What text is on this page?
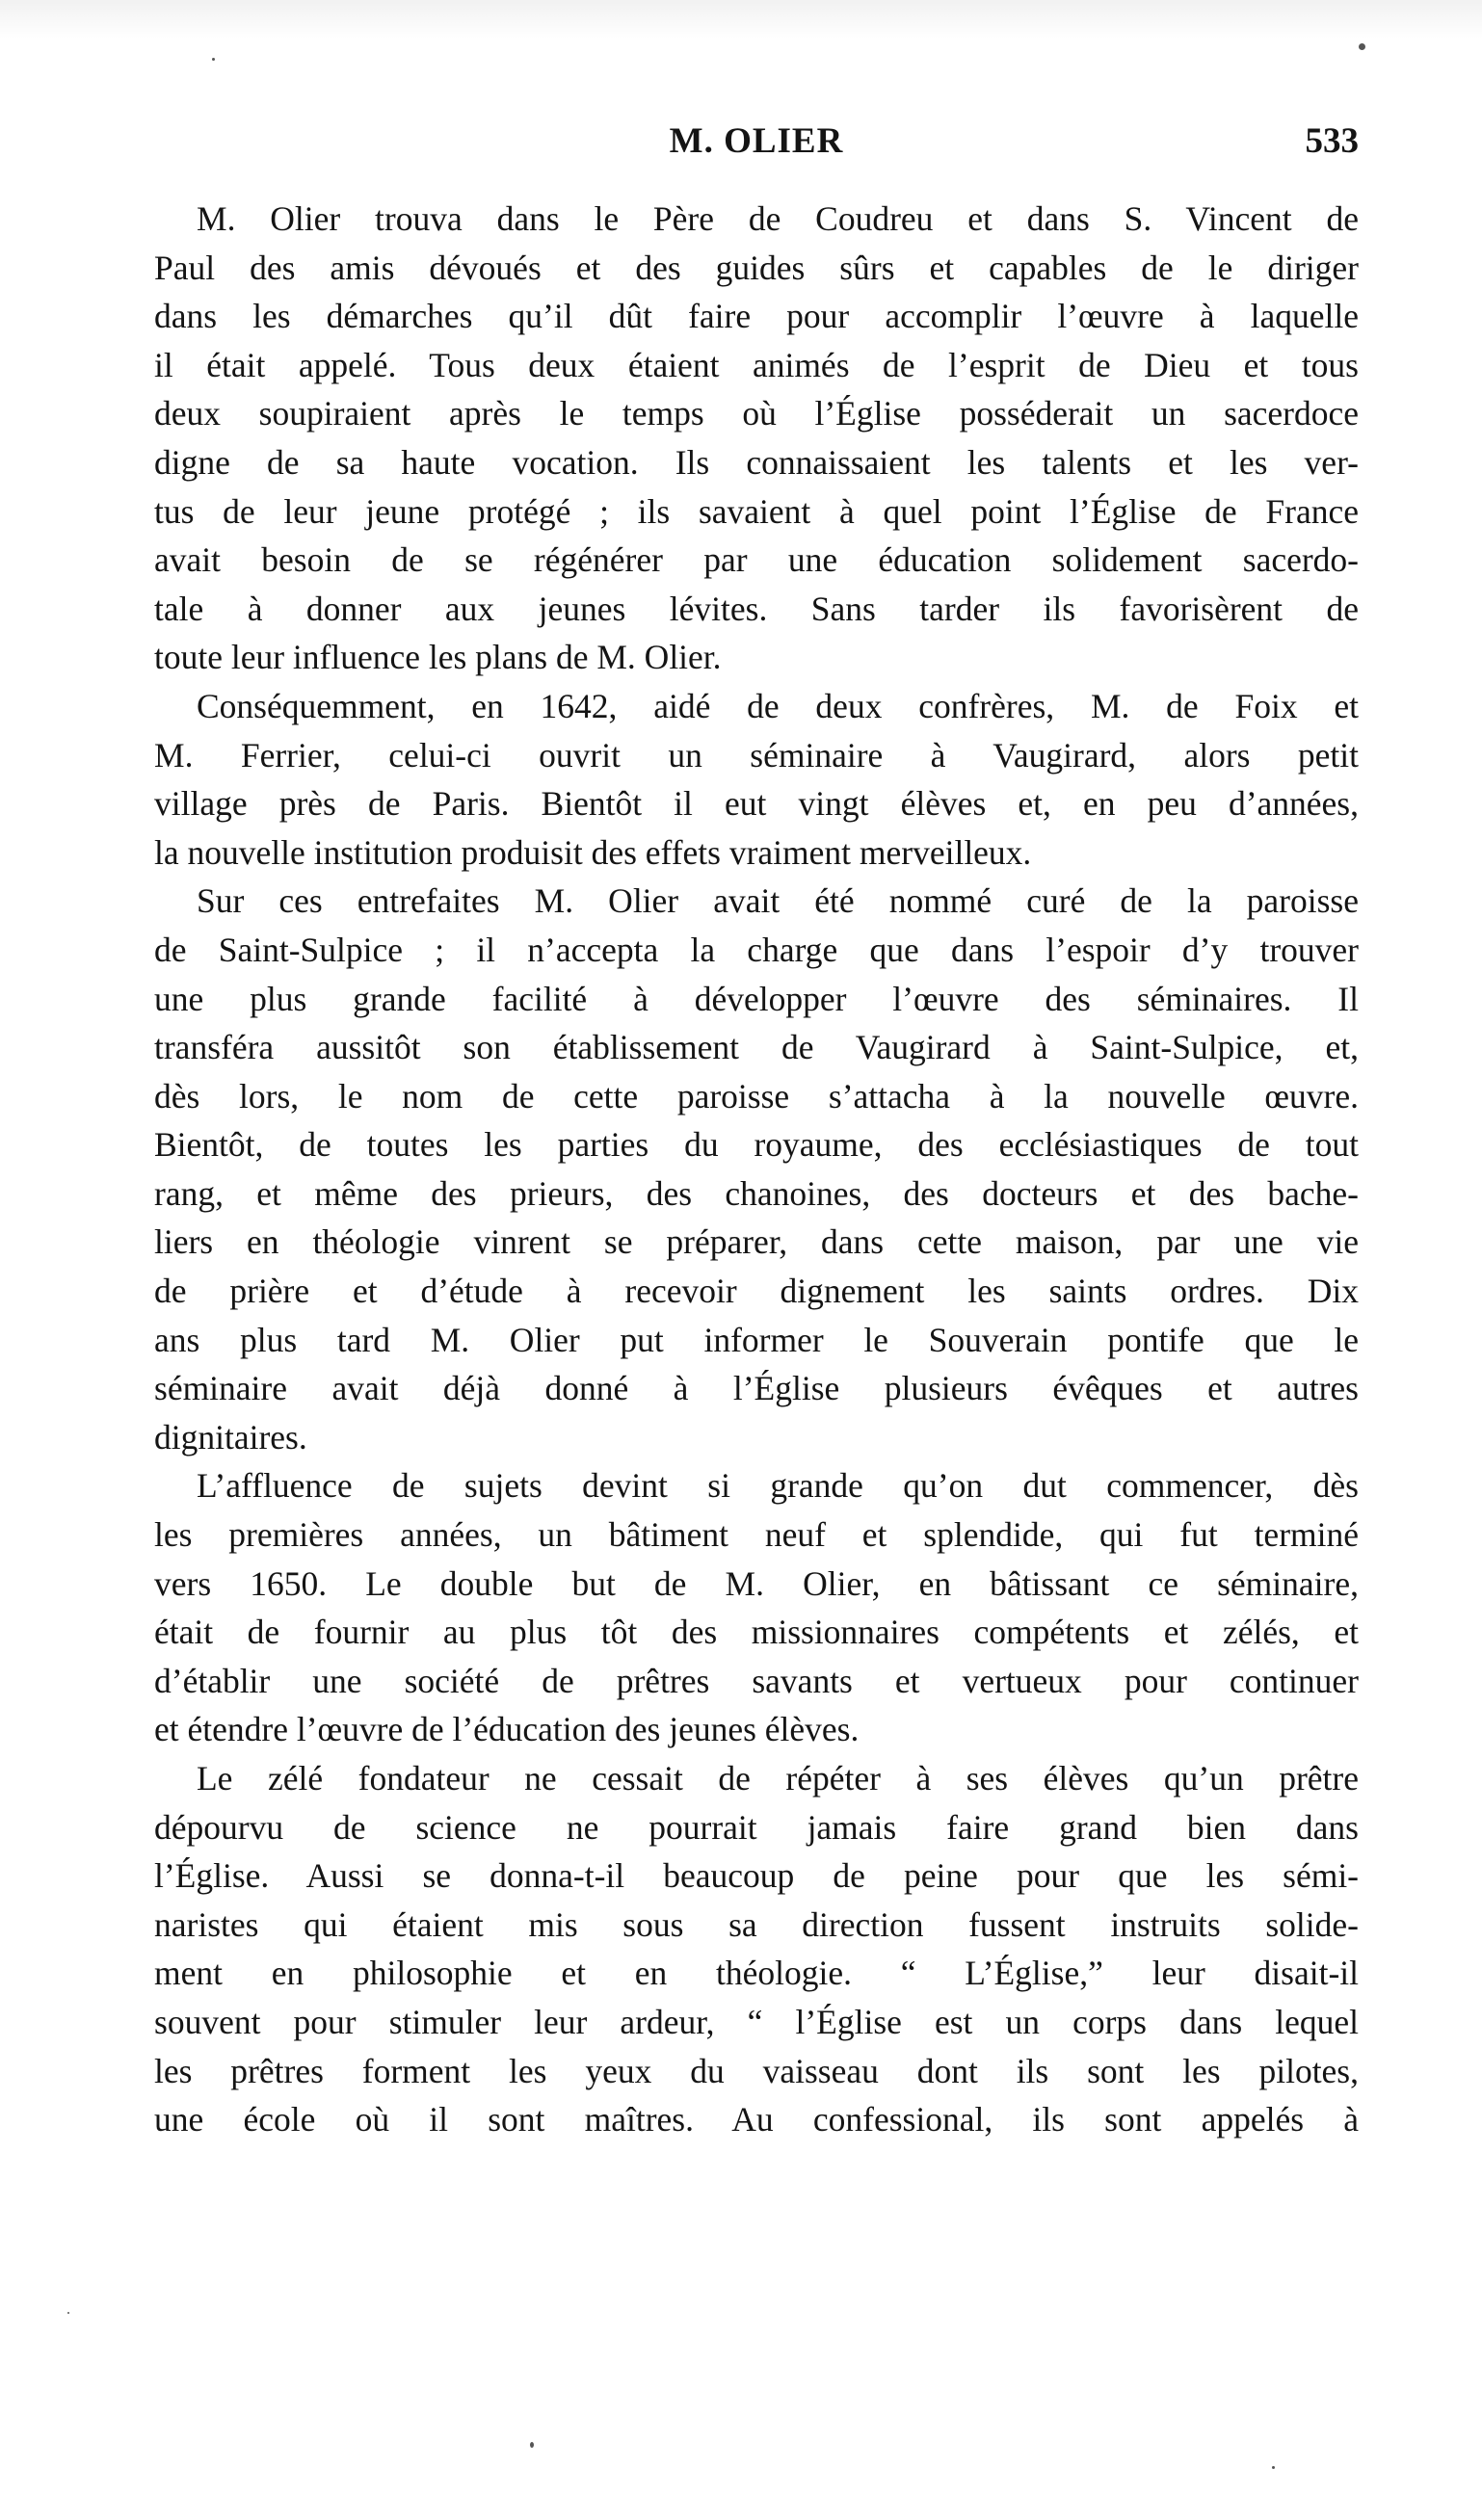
M. OLIER	533
M. Olier trouva dans le Père de Coudreu et dans S. Vincent de
Paul des amis dévoués et des guides sûrs et capables de le diriger
dans les démarches qu’il dût faire pour accomplir l’œuvre à laquelle
il était appelé. Tous deux étaient animés de l’esprit de Dieu et tous
deux soupiraient après le temps où l’Église posséderait un sacerdoce
digne de sa haute vocation. Ils connaissaient les talents et les ver-
tus de leur jeune protégé ; ils savaient à quel point l’Église de France
avait besoin de se régénérer par une éducation solidement sacerdo-
tale à donner aux jeunes lévites. Sans tarder ils favorisèrent de
toute leur influence les plans de M. Olier.
Conséquemment, en 1642, aidé de deux confrères, M. de Foix et
M. Ferrier, celui-ci ouvrit un séminaire à Vaugirard, alors petit
village près de Paris. Bientôt il eut vingt élèves et, en peu d’années,
la nouvelle institution produisit des effets vraiment merveilleux.
Sur ces entrefaites M. Olier avait été nommé curé de la paroisse
de Saint-Sulpice ; il n’accepta la charge que dans l’espoir d’y trouver
une plus grande facilité à développer l’œuvre des séminaires. Il
transféra aussitôt son établissement de Vaugirard à Saint-Sulpice, et,
dès lors, le nom de cette paroisse s’attacha à la nouvelle œuvre.
Bientôt, de toutes les parties du royaume, des ecclésiastiques de tout
rang, et même des prieurs, des chanoines, des docteurs et des bache-
liers en théologie vinrent se préparer, dans cette maison, par une vie
de prière et d’étude à recevoir dignement les saints ordres. Dix
ans plus tard M. Olier put informer le Souverain pontife que le
séminaire avait déjà donné à l’Église plusieurs évêques et autres
dignitaires.
L’affluence de sujets devint si grande qu’on dut commencer, dès
les premières années, un bâtiment neuf et splendide, qui fut terminé
vers 1650. Le double but de M. Olier, en bâtissant ce séminaire,
était de fournir au plus tôt des missionnaires compétents et zélés, et
d’établir une société de prêtres savants et vertueux pour continuer
et étendre l’œuvre de l’éducation des jeunes élèves.
Le zélé fondateur ne cessait de répéter à ses élèves qu’un prêtre
dépourvu de science ne pourrait jamais faire grand bien dans
l’Église. Aussi se donna-t-il beaucoup de peine pour que les sémi-
naristes qui étaient mis sous sa direction fussent instruits solide-
ment en philosophie et en théologie. “ L’Église,” leur disait-il
souvent pour stimuler leur ardeur, “ l’Église est un corps dans lequel
les prêtres forment les yeux du vaisseau dont ils sont les pilotes,
une école où il sont maîtres. Au confessional, ils sont appelés à
